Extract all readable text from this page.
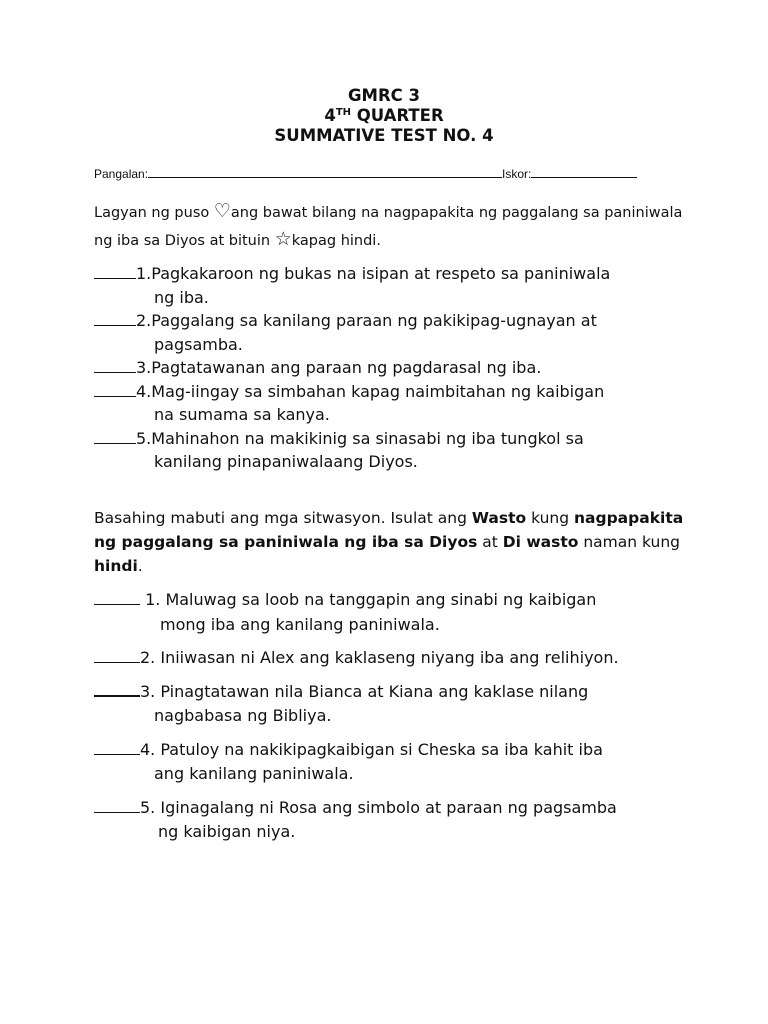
GMRC 3
4TH QUARTER
SUMMATIVE TEST NO. 4
Pangalan:	Iskor:
Lagyan ng puso ♡ang bawat bilang na nagpapakita ng paggalang sa paniniwala ng iba sa Diyos at bituin ☆kapag hindi.
1.Pagkakaroon ng bukas na isipan at respeto sa paniniwala
ng iba.
2.Paggalang sa kanilang paraan ng pakikipag-ugnayan at
pagsamba.
3.Pagtatawanan ang paraan ng pagdarasal ng iba.
4.Mag-iingay sa simbahan kapag naimbitahan ng kaibigan
na sumama sa kanya.
5.Mahinahon na makikinig sa sinasabi ng iba tungkol sa
kanilang pinapaniwalaang Diyos.
Basahing mabuti ang mga sitwasyon. Isulat ang Wasto kung nagpapakita ng paggalang sa paniniwala ng iba sa Diyos at Di wasto naman kung hindi.
1. Maluwag sa loob na tanggapin ang sinabi ng kaibigan
mong iba ang kanilang paniniwala.
2. Iniiwasan ni Alex ang kaklaseng niyang iba ang relihiyon.
3. Pinagtatawan nila Bianca at Kiana ang kaklase nilang
nagbabasa ng Bibliya.
4. Patuloy na nakikipagkaibigan si Cheska sa iba kahit iba
ang kanilang paniniwala.
5. Iginagalang ni Rosa ang simbolo at paraan ng pagsamba
ng kaibigan niya.
